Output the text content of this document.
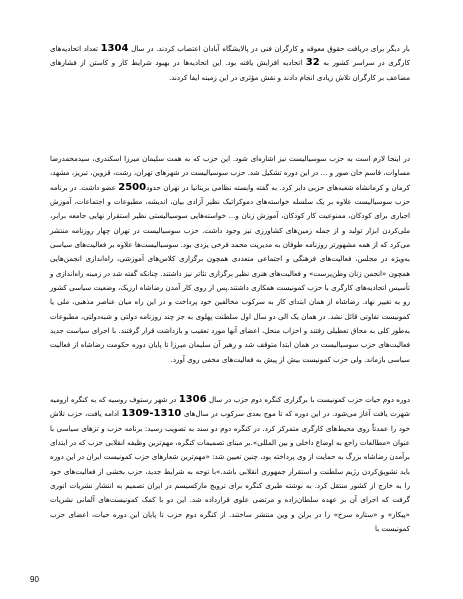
بار دیگر برای دریافت حقوق معوقه و کارگران فنی در پالایشگاه آبادان اعتصاب کردند. در سال 1304 تعداد اتحادیه‌های کارگری در سراسر کشور به 32 اتحادیه افزایش یافته بود. این اتحادیه‌ها در بهبود شرایط کار و کاستن از فشارهای مضاعف بر کارگران تلاش زیادی انجام دادند و نقش مؤثری در این زمینه ایفا کردند.

در اینجا لازم است به حزب سوسیالیست نیز اشاره‌ای شود. این حزب که به همت سلیمان میرزا اسکندری، سیدمحمدرضا مساوات، قاسم خان صور و ... در این دوره تشکیل شد. حزب سوسیالیست در شهرهای تهران، رشت، قزوین، تبریز، مشهد، کرمان و کرمانشاه شعبه‌های حزبی دایر کرد. به گفته وابسته نظامی بریتانیا در تهران حدود2500 عضو داشت. در برنامه حزب سوسیالیست علاوه بر یک سلسله خواسته‌های دموکراتیک نظیر آزادی بیان، اندیشه، مطبوعات و اجتماعات، آموزش اجباری برای کودکان، ممنوعیت کار کودکان، آموزش زنان و... خواسته‌هایی سوسیالیستی نظیر استقرار نهایی جامعه برابر، ملی‌کردن ابزار تولید و از جمله زمین‌های کشاورزی نیز وجود داشت. حزب سوسیالیست در تهران چهار روزنامه منتشر می‌کرد که از همه مشهورتر روزنامه طوفان به مدیریت محمد فرخی یزدی بود. سوسیالیست‌ها علاوه بر فعالیت‌های سیاسی به‌ویژه در مجلس، فعالیت‌های فرهنگی و اجتماعی متعددی همچون برگزاری کلاس‌های آموزشی، راه‌اندازی انجمن‌هایی همچون «انجمن زنان وطن‌پرست» و فعالیت‌های هنری نظیر برگزاری تئاتر نیز داشتند. چنانکه گفته شد در زمینه راه‌اندازی و تأسیس اتحادیه‌های کارگری با حزب کمونیست همکاری داشتند.پس از روی کار آمدن رضاشاه ارزیک، وضعیت سیاسی کشور رو به تغییر نهاد. رضاشاه از همان ابتدای کار به سرکوب مخالفین خود پرداخت و در این راه میان عناصر مذهبی، ملی یا کمونیست تفاوتی قائل نشد. در همان یک الی دو سال اول سلطنت پهلوی به جز چند روزنامه دولتی و شبه‌دولتی، مطبوعات به‌طور کلی به محاق تعطیلی رفتند و احزاب منحل، اعضای آنها مورد تعقیب و بازداشت قرار گرفتند. با اجرای سیاست جدید فعالیت‌های حزب سوسیالیست در همان ابتدا متوقف شد و رهبر آن سلیمان میرزا تا پایان دوره حکومت رضاشاه از فعالیت سیاسی بازماند. ولی حزب کمونیست بیش از پیش به فعالیت‌های مخفی روی آورد.

دوره دوم حیات حزب کمونیست با برگزاری کنگره دوم حزب در سال 1306 در شهر رستوف روسیه که به کنگره ارومیه شهرت یافت آغاز می‌شود. در این دوره که تا موج بعدی سرکوب در سال‌های 1310-1309 ادامه یافت، حزب تلاش خود را عمدتاً روی محیط‌های کارگری متمرکز کرد. در کنگره دوم دو سند به تصویب رسید: برنامه حزب و تزهای سیاسی با عنوان «مطالعات راجع به اوضاع داخلی و بین المللی».بر مبنای تصمیمات کنگره، مهم‌ترین وظیفه انقلابی حزب که در ابتدای برآمدن رضاشاه بزرگ به حمایت از وی پرداخته بود، چنین تعیین شد: «مهم‌ترین شعارهای حزب کمونیست ایران در این دوره باید تشویق‌کردن رژیم سلطنت و استقرار جمهوری انقلابی باشد.»با توجه به شرایط جدید، حزب بخشی از فعالیت‌های خود را به خارج از کشور منتقل کرد. به نوشته طبری کنگره برای ترویج مارکسیسم در ایران تصمیم به انتشار نشریات انوری گرفت که اجرای آن بر عهده سلطان‌زاده و مرتضی علوی قرارداده شد. این دو با کمک کمونیست‌های آلمانی نشریات «پیکار» و «ستاره سرخ» را در برلن و وین منتشر ساختند. از کنگره دوم حزب تا پایان این دوره حیات، اعضای حزب کمونیست با

90
